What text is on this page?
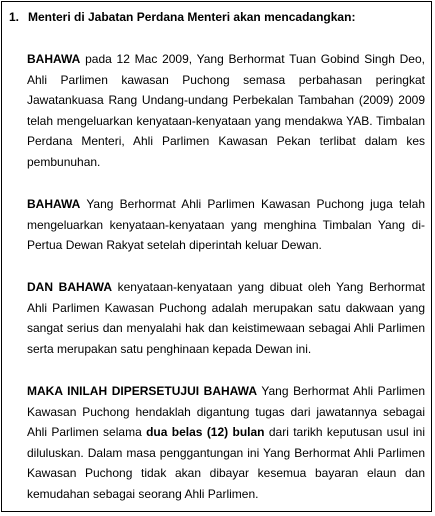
1. Menteri di Jabatan Perdana Menteri akan mencadangkan:

BAHAWA pada 12 Mac 2009, Yang Berhormat Tuan Gobind Singh Deo, Ahli Parlimen kawasan Puchong semasa perbahasan peringkat Jawatankuasa Rang Undang-undang Perbekalan Tambahan (2009) 2009 telah mengeluarkan kenyataan-kenyataan yang mendakwa YAB. Timbalan Perdana Menteri, Ahli Parlimen Kawasan Pekan terlibat dalam kes pembunuhan.

BAHAWA Yang Berhormat Ahli Parlimen Kawasan Puchong juga telah mengeluarkan kenyataan-kenyataan yang menghina Timbalan Yang di-Pertua Dewan Rakyat setelah diperintah keluar Dewan.

DAN BAHAWA kenyataan-kenyataan yang dibuat oleh Yang Berhormat Ahli Parlimen Kawasan Puchong adalah merupakan satu dakwaan yang sangat serius dan menyalahi hak dan keistimewaan sebagai Ahli Parlimen serta merupakan satu penghinaan kepada Dewan ini.

MAKA INILAH DIPERSETUJUI BAHAWA Yang Berhormat Ahli Parlimen Kawasan Puchong hendaklah digantung tugas dari jawatannya sebagai Ahli Parlimen selama dua belas (12) bulan dari tarikh keputusan usul ini diluluskan. Dalam masa penggantungan ini Yang Berhormat Ahli Parlimen Kawasan Puchong tidak akan dibayar kesemua bayaran elaun dan kemudahan sebagai seorang Ahli Parlimen.
